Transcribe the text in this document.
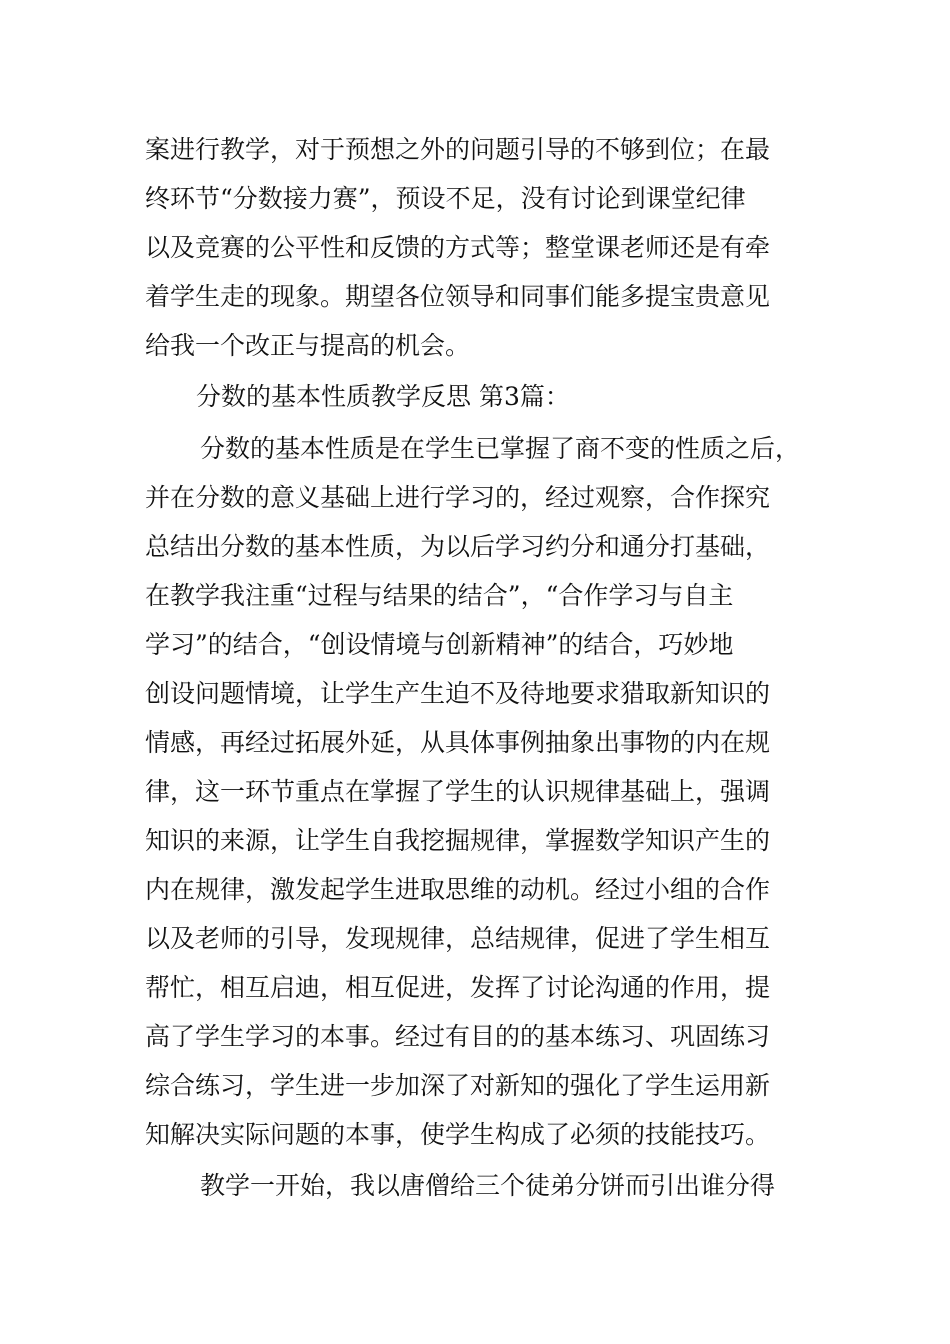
案进行教学，对于预想之外的问题引导的不够到位；在最

终环节“分数接力赛”，预设不足，没有讨论到课堂纪律

以及竞赛的公平性和反馈的方式等；整堂课老师还是有牵

着学生走的现象。期望各位领导和同事们能多提宝贵意见

给我一个改正与提高的机会。

分数的基本性质教学反思 第3篇：

分数的基本性质是在学生已掌握了商不变的性质之后，

并在分数的意义基础上进行学习的，经过观察，合作探究

总结出分数的基本性质，为以后学习约分和通分打基础，

在教学我注重“过程与结果的结合”，“合作学习与自主

学习”的结合，“创设情境与创新精神”的结合，巧妙地

创设问题情境，让学生产生迫不及待地要求猎取新知识的

情感，再经过拓展外延，从具体事例抽象出事物的内在规

律，这一环节重点在掌握了学生的认识规律基础上，强调

知识的来源，让学生自我挖掘规律，掌握数学知识产生的

内在规律，激发起学生进取思维的动机。经过小组的合作

以及老师的引导，发现规律，总结规律，促进了学生相互

帮忙，相互启迪，相互促进，发挥了讨论沟通的作用，提

高了学生学习的本事。经过有目的的基本练习、巩固练习

综合练习，学生进一步加深了对新知的强化了学生运用新

知解决实际问题的本事，使学生构成了必须的技能技巧。

教学一开始，我以唐僧给三个徒弟分饼而引出谁分得
